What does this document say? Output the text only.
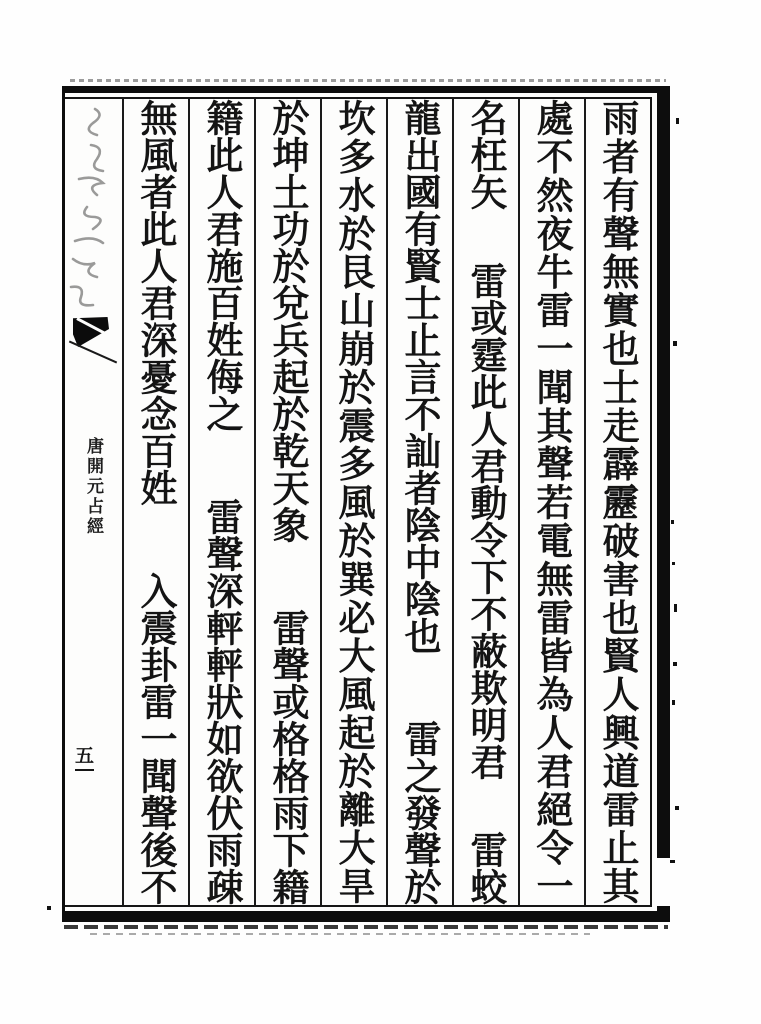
雨者有聲無實也士走霹靂破害也賢人興道雷止其
處不然夜牛雷一聞其聲若電無雷皆為人君絕令一
名枉矢
雷或霆此人君動令下不蔽欺明君
雷蛟
龍出國有賢士止言不訕者陰中陰也
雷之發聲於
坎多水於艮山崩於震多風於巽必大風起於離大旱
於坤土功於兌兵起於乾天象
雷聲或格格雨下籍
籍此人君施百姓侮之
雷聲深軯軯狀如欲伏雨疎
無風者此人君深憂念百姓
入震卦雷一聞聲後不
唐開元占經
五
